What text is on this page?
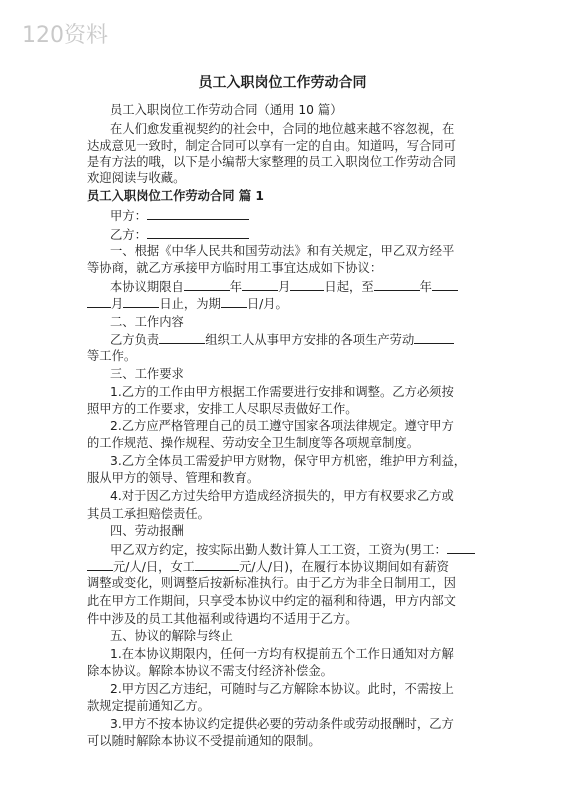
120资料
员工入职岗位工作劳动合同
员工入职岗位工作劳动合同（通用 10 篇）
在人们愈发重视契约的社会中，合同的地位越来越不容忽视，在
达成意见一致时，制定合同可以享有一定的自由。知道吗，写合同可
是有方法的哦，以下是小编帮大家整理的员工入职岗位工作劳动合同
欢迎阅读与收藏。
员工入职岗位工作劳动合同 篇 1
甲方：
乙方：
一、根据《中华人民共和国劳动法》和有关规定，甲乙双方经平
等协商，就乙方承接甲方临时用工事宜达成如下协议：
本协议期限自	年	月	日起，至	年
月	日止，为期 日/月。
二、工作内容
乙方负责	组织工人从事甲方安排的各项生产劳动
等工作。
三、工作要求
1.乙方的工作由甲方根据工作需要进行安排和调整。乙方必须按
照甲方的工作要求，安排工人尽职尽责做好工作。
2.乙方应严格管理自己的员工遵守国家各项法律规定。遵守甲方
的工作规范、操作规程、劳动安全卫生制度等各项规章制度。
3.乙方全体员工需爱护甲方财物，保守甲方机密，维护甲方利益，
服从甲方的领导、管理和教育。
4.对于因乙方过失给甲方造成经济损失的，甲方有权要求乙方或
其员工承担赔偿责任。
四、劳动报酬
甲乙双方约定，按实际出勤人数计算人工工资，工资为(男工：
元/人/日，女工	元/人/日)，在履行本协议期间如有薪资
调整或变化，则调整后按新标准执行。由于乙方为非全日制用工，因
此在甲方工作期间，只享受本协议中约定的福利和待遇，甲方内部文
件中涉及的员工其他福利或待遇均不适用于乙方。
五、协议的解除与终止
1.在本协议期限内，任何一方均有权提前五个工作日通知对方解
除本协议。解除本协议不需支付经济补偿金。
2.甲方因乙方违纪，可随时与乙方解除本协议。此时，不需按上
款规定提前通知乙方。
3.甲方不按本协议约定提供必要的劳动条件或劳动报酬时，乙方
可以随时解除本协议不受提前通知的限制。
